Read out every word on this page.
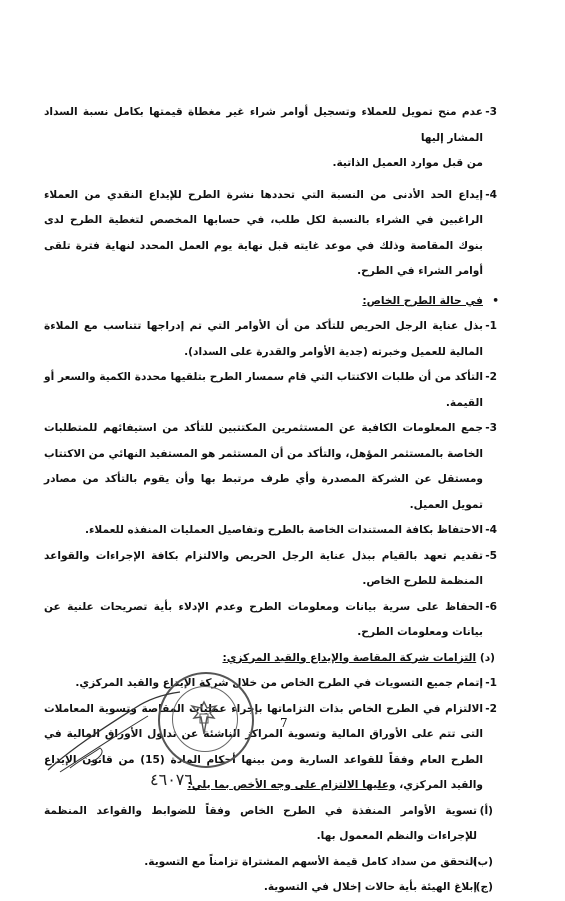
3-
عدم منح تمويل للعملاء وتسجيل أوامر شراء غير مغطاة قيمتها بكامل نسبة السداد المشار إليها
من قبل موارد العميل الذاتية.
4-
إيداع الحد الأدنى من النسبة التي تحددها نشرة الطرح للإيداع النقدي من العملاء الراغبين في الشراء بالنسبة لكل طلب، في حسابها المخصص لتغطية الطرح لدى بنوك المقاصة وذلك في موعد غايته قبل نهاية يوم العمل المحدد لنهاية فترة تلقى أوامر الشراء في الطرح.
•
في حالة الطرح الخاص:
1-
بذل عناية الرجل الحريص للتأكد من أن الأوامر التي تم إدراجها تتناسب مع الملاءة المالية للعميل وخبرته (جدية الأوامر والقدرة على السداد).
2-
التأكد من أن طلبات الاكتتاب التي قام سمسار الطرح بتلقيها محددة الكمية والسعر أو القيمة.
3-
جمع المعلومات الكافية عن المستثمرين المكتتبين للتأكد من استيفائهم للمتطلبات الخاصة بالمستثمر المؤهل، والتأكد من أن المستثمر هو المستفيد النهائي من الاكتتاب ومستقل عن الشركة المصدرة وأي طرف مرتبط بها وأن يقوم بالتأكد من مصادر تمويل العميل.
4-
الاحتفاظ بكافة المستندات الخاصة بالطرح وتفاصيل العمليات المنفذه للعملاء.
5-
تقديم تعهد بالقيام ببذل عناية الرجل الحريص والالتزام بكافة الإجراءات والقواعد المنظمة للطرح الخاص.
6-
الحفاظ على سرية بيانات ومعلومات الطرح وعدم الإدلاء بأية تصريحات علنية عن بيانات ومعلومات الطرح.
(د) التزامات شركة المقاصة والإيداع والقيد المركزي:
1-
إتمام جميع التسويات في الطرح الخاص من خلال شركة الإيداع والقيد المركزي.
2-
الالتزام في الطرح الخاص بذات التزاماتها بإجراء عمليات المقاصة وتسوية المعاملات التى تتم على الأوراق المالية وتسوية المراكز الناشئة عن تداول الأوراق المالية في الطرح العام وفقاً للقواعد السارية ومن بينها أحكام المادة (15) من قانون الإيداع والقيد المركزي، وعليها الالتزام على وجه الأخص بما يلي:
(أ)
تسوية الأوامر المنفذة في الطرح الخاص وفقاً للضوابط والقواعد المنظمة للإجراءات والنظم المعمول بها.
(ب)
التحقق من سداد كامل قيمة الأسهم المشتراة تزامناً مع التسوية.
(ج)
إبلاغ الهيئة بأية حالات إخلال في التسوية.
7
٤٦٠٧٦
